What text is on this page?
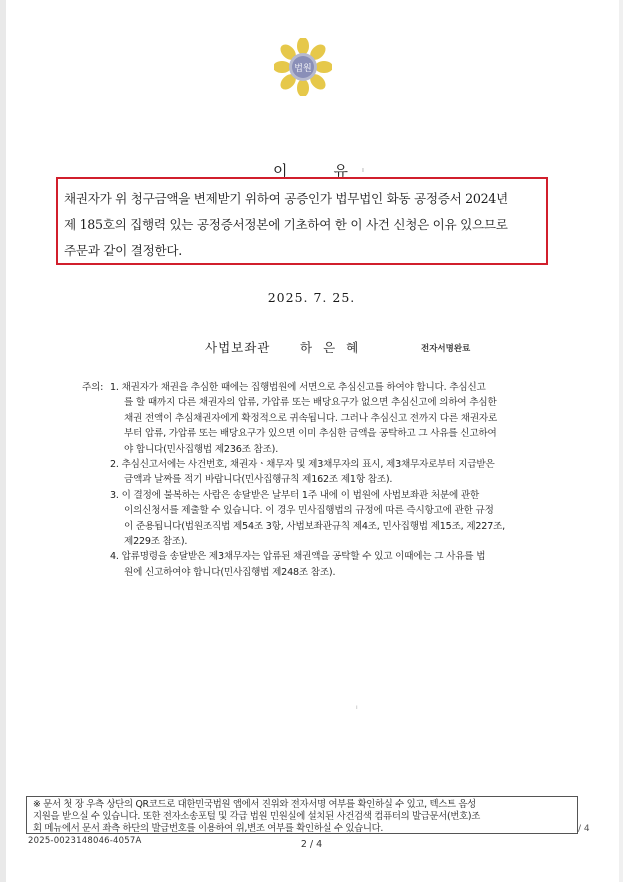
법원
이	유	ı
채권자가 위 청구금액을 변제받기 위하여 공증인가 법무법인 화동 공정증서 2024년
제 185호의 집행력 있는 공정증서정본에 기초하여 한 이 사건 신청은 이유 있으므로
주문과 같이 결정한다.
2025. 7. 25.
사법보좌관 하은혜	전자서명완료
주의: 1. 채권자가 채권을 추심한 때에는 집행법원에 서면으로 추심신고를 하여야 합니다. 추심신고
를 할 때까지 다른 채권자의 압류, 가압류 또는 배당요구가 없으면 추심신고에 의하여 추심한
채권 전액이 추심채권자에게 확정적으로 귀속됩니다. 그러나 추심신고 전까지 다른 채권자로
부터 압류, 가압류 또는 배당요구가 있으면 이미 추심한 금액을 공탁하고 그 사유를 신고하여
야 합니다(민사집행법 제236조 참조).
2. 추심신고서에는 사건번호, 채권자ㆍ채무자 및 제3채무자의 표시, 제3채무자로부터 지급받은
금액과 날짜를 적기 바랍니다(민사집행규칙 제162조 제1항 참조).
3. 이 결정에 불복하는 사람은 송달받은 날부터 1주 내에 이 법원에 사법보좌관 처분에 관한
이의신청서를 제출할 수 있습니다. 이 경우 민사집행법의 규정에 따른 즉시항고에 관한 규정
이 준용됩니다(법원조직법 제54조 3항, 사법보좌관규칙 제4조, 민사집행법 제15조, 제227조,
제229조 참조).
4. 압류명령을 송달받은 제3채무자는 압류된 채권액을 공탁할 수 있고 이때에는 그 사유를 법
원에 신고하여야 합니다(민사집행법 제248조 참조).
ı
※ 문서 첫 장 우측 상단의 QR코드로 대한민국법원 앱에서 진위와 전자서명 여부를 확인하실 수 있고, 텍스트 음성
지원을 받으실 수 있습니다. 또한 전자소송포털 및 각급 법원 민원실에 설치된 사건검색 컴퓨터의 발급문서(번호)조
회 메뉴에서 문서 좌측 하단의 발급번호를 이용하여 위,변조 여부를 확인하실 수 있습니다.	/ 4
2025-0023148046-4057A	2 / 4
